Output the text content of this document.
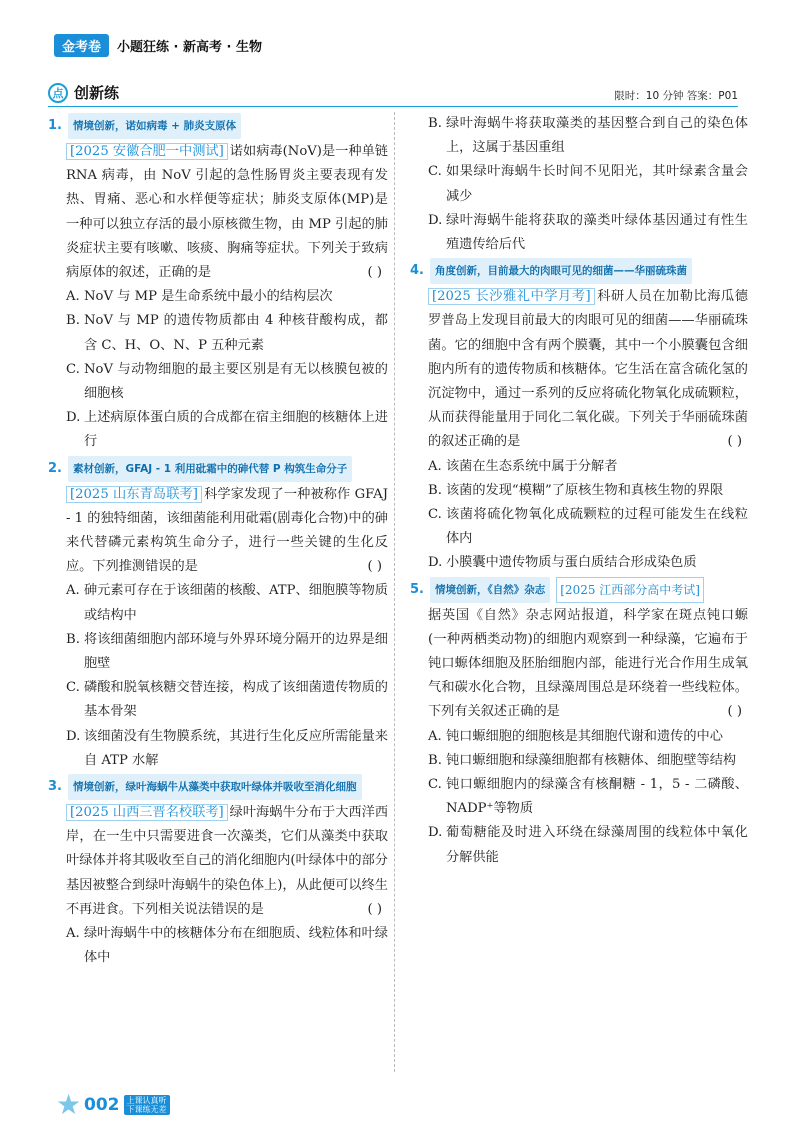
金考卷	小题狂练 · 新高考 · 生物
点 创新练	限时：10 分钟 答案：P01
1.	情境创新，诺如病毒 + 肺炎支原体

[2025 安徽合肥一中测试] 诺如病毒(NoV)是一种单链 RNA 病毒，由 NoV 引起的急性肠胃炎主要表现有发热、胃痛、恶心和水样便等症状；肺炎支原体(MP)是一种可以独立存活的最小原核微生物，由 MP 引起的肺炎症状主要有咳嗽、咳痰、胸痛等症状。下列关于致病病原体的叙述，正确的是	( )

A. NoV 与 MP 是生命系统中最小的结构层次
B. NoV 与 MP 的遗传物质都由 4 种核苷酸构成，都含 C、H、O、N、P 五种元素
C. NoV 与动物细胞的最主要区别是有无以核膜包被的细胞核
D. 上述病原体蛋白质的合成都在宿主细胞的核糖体上进行
2.	素材创新，GFAJ - 1 利用砒霜中的砷代替 P 构筑生命分子

[2025 山东青岛联考] 科学家发现了一种被称作 GFAJ - 1 的独特细菌，该细菌能利用砒霜(剧毒化合物)中的砷来代替磷元素构筑生命分子，进行一些关键的生化反应。下列推测错误的是	( )

A. 砷元素可存在于该细菌的核酸、ATP、细胞膜等物质或结构中
B. 将该细菌细胞内部环境与外界环境分隔开的边界是细胞壁
C. 磷酸和脱氧核糖交替连接，构成了该细菌遗传物质的基本骨架
D. 该细菌没有生物膜系统，其进行生化反应所需能量来自 ATP 水解
3.	情境创新，绿叶海蜗牛从藻类中获取叶绿体并吸收至消化细胞

[2025 山西三晋名校联考] 绿叶海蜗牛分布于大西洋西岸，在一生中只需要进食一次藻类，它们从藻类中获取叶绿体并将其吸收至自己的消化细胞内(叶绿体中的部分基因被整合到绿叶海蜗牛的染色体上)，从此便可以终生不再进食。下列相关说法错误的是	( )

A. 绿叶海蜗牛中的核糖体分布在细胞质、线粒体和叶绿体中
B. 绿叶海蜗牛将获取藻类的基因整合到自己的染色体上，这属于基因重组
C. 如果绿叶海蜗牛长时间不见阳光，其叶绿素含量会减少
D. 绿叶海蜗牛能将获取的藻类叶绿体基因通过有性生殖遗传给后代
4.	角度创新，目前最大的肉眼可见的细菌——华丽硫珠菌

[2025 长沙雅礼中学月考] 科研人员在加勒比海瓜德罗普岛上发现目前最大的肉眼可见的细菌——华丽硫珠菌。它的细胞中含有两个膜囊，其中一个小膜囊包含细胞内所有的遗传物质和核糖体。它生活在富含硫化氢的沉淀物中，通过一系列的反应将硫化物氧化成硫颗粒，从而获得能量用于同化二氧化碳。下列关于华丽硫珠菌的叙述正确的是	( )

A. 该菌在生态系统中属于分解者
B. 该菌的发现“模糊”了原核生物和真核生物的界限
C. 该菌将硫化物氧化成硫颗粒的过程可能发生在线粒体内
D. 小膜囊中遗传物质与蛋白质结合形成染色质
5.	情境创新，《自然》杂志	[2025 江西部分高中考试]

据英国《自然》杂志网站报道，科学家在斑点钝口螈(一种两栖类动物)的细胞内观察到一种绿藻，它遍布于钝口螈体细胞及胚胎细胞内部，能进行光合作用生成氧气和碳水化合物，且绿藻周围总是环绕着一些线粒体。下列有关叙述正确的是	( )

A. 钝口螈细胞的细胞核是其细胞代谢和遗传的中心
B. 钝口螈细胞和绿藻细胞都有核糖体、细胞壁等结构
C. 钝口螈细胞内的绿藻含有核酮糖 - 1，5 - 二磷酸、NADP⁺等物质
D. 葡萄糖能及时进入环绕在绿藻周围的线粒体中氧化分解供能
★ 002 上课认真听
下课练无差
